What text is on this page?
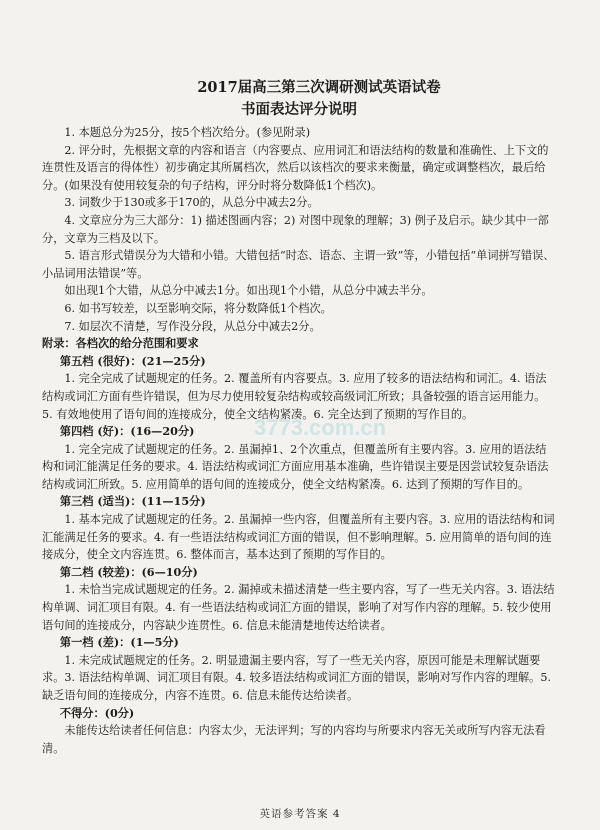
2017届高三第三次调研测试英语试卷

书面表达评分说明

1. 本题总分为25分，按5个档次给分。(参见附录)

2. 评分时，先根据文章的内容和语言（内容要点、应用词汇和语法结构的数量和准确性、上下文的连贯性及语言的得体性）初步确定其所属档次，然后以该档次的要求来衡量，确定或调整档次，最后给分。(如果没有使用较复杂的句子结构，评分时将分数降低1个档次)。

3. 词数少于130或多于170的，从总分中减去2分。

4. 文章应分为三大部分：1) 描述图画内容；2) 对图中现象的理解；3) 例子及启示。缺少其中一部分，文章为三档及以下。

5. 语言形式错误分为大错和小错。大错包括“时态、语态、主谓一致”等，小错包括“单词拼写错误、小品词用法错误”等。

如出现1个大错，从总分中减去1分。如出现1个小错，从总分中减去半分。

6. 如书写较差，以至影响交际，将分数降低1个档次。

7. 如层次不清楚，写作没分段，从总分中减去2分。

附录：各档次的给分范围和要求

第五档 (很好)：(21—25分)

1. 完全完成了试题规定的任务。2. 覆盖所有内容要点。3. 应用了较多的语法结构和词汇。4. 语法结构或词汇方面有些许错误，但为尽力使用较复杂结构或较高级词汇所致；具备较强的语言运用能力。5. 有效地使用了语句间的连接成分，使全文结构紧凑。6. 完全达到了预期的写作目的。

第四档 (好)：(16—20分)

1. 完全完成了试题规定的任务。2. 虽漏掉1、2个次重点，但覆盖所有主要内容。3. 应用的语法结构和词汇能满足任务的要求。4. 语法结构或词汇方面应用基本准确，些许错误主要是因尝试较复杂语法结构或词汇所致。5. 应用简单的语句间的连接成分，使全文结构紧凑。6. 达到了预期的写作目的。

第三档 (适当)：(11—15分)

1. 基本完成了试题规定的任务。2. 虽漏掉一些内容，但覆盖所有主要内容。3. 应用的语法结构和词汇能满足任务的要求。4. 有一些语法结构或词汇方面的错误，但不影响理解。5. 应用简单的语句间的连接成分，使全文内容连贯。6. 整体而言，基本达到了预期的写作目的。

第二档 (较差)：(6—10分)

1. 未恰当完成试题规定的任务。2. 漏掉或未描述清楚一些主要内容，写了一些无关内容。3. 语法结构单调、词汇项目有限。4. 有一些语法结构或词汇方面的错误，影响了对写作内容的理解。5. 较少使用语句间的连接成分，内容缺少连贯性。6. 信息未能清楚地传达给读者。

第一档 (差)：(1—5分)

1. 未完成试题规定的任务。2. 明显遗漏主要内容，写了一些无关内容，原因可能是未理解试题要求。3. 语法结构单调、词汇项目有限。4. 较多语法结构或词汇方面的错误，影响对写作内容的理解。5. 缺乏语句间的连接成分，内容不连贯。6. 信息未能传达给读者。

不得分：(0分)

未能传达给读者任何信息：内容太少，无法评判；写的内容均与所要求内容无关或所写内容无法看清。

3773.com.cn
英语参考答案 4
